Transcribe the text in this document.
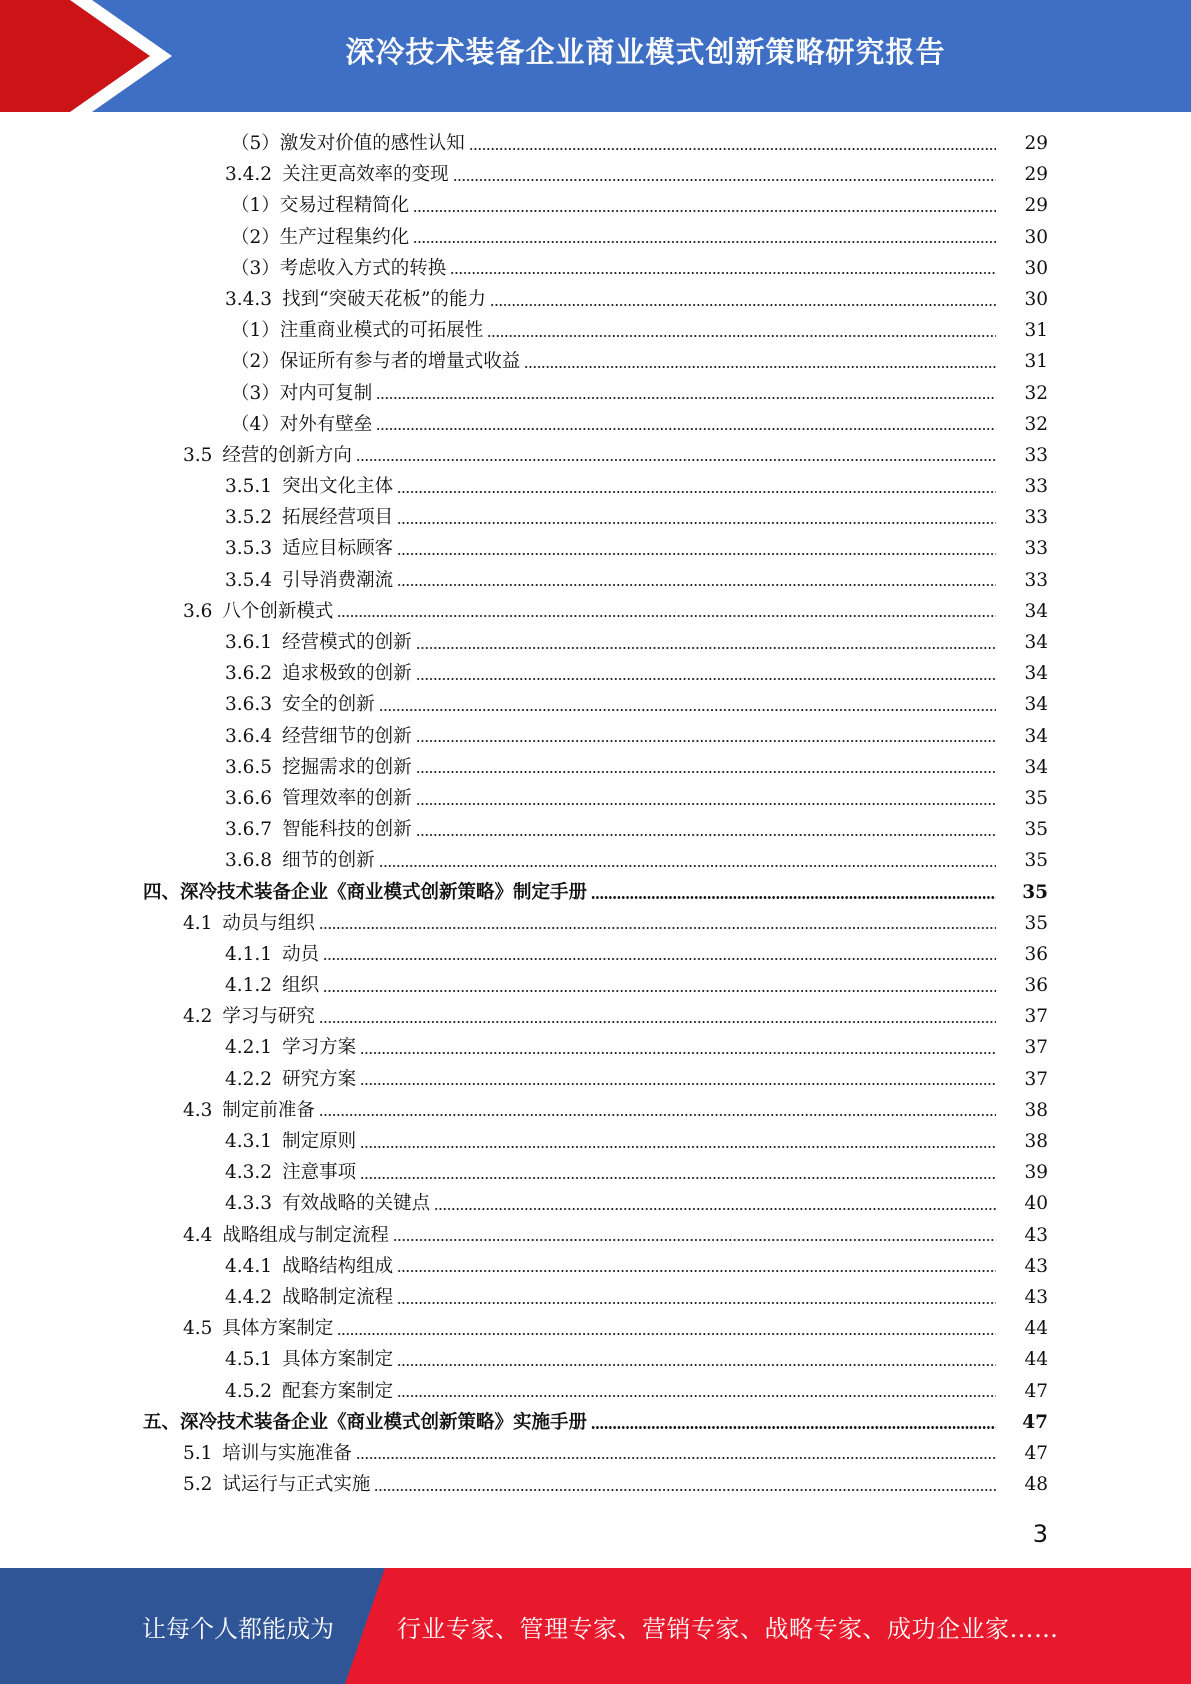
深冷技术装备企业商业模式创新策略研究报告
（5） 激发对价值的感性认知	29
3.4.2 关注更高效率的变现	29
（1） 交易过程精简化	29
（2） 生产过程集约化	30
（3） 考虑收入方式的转换	30
3.4.3 找到“突破天花板”的能力	30
（1） 注重商业模式的可拓展性	31
（2） 保证所有参与者的增量式收益	31
（3） 对内可复制	32
（4） 对外有壁垒	32
3.5 经营的创新方向	33
3.5.1 突出文化主体	33
3.5.2 拓展经营项目	33
3.5.3 适应目标顾客	33
3.5.4 引导消费潮流	33
3.6 八个创新模式	34
3.6.1 经营模式的创新	34
3.6.2 追求极致的创新	34
3.6.3 安全的创新	34
3.6.4 经营细节的创新	34
3.6.5 挖掘需求的创新	34
3.6.6 管理效率的创新	35
3.6.7 智能科技的创新	35
3.6.8 细节的创新	35
四、 深冷技术装备企业《商业模式创新策略》制定手册	35
4.1 动员与组织	35
4.1.1 动员	36
4.1.2 组织	36
4.2 学习与研究	37
4.2.1 学习方案	37
4.2.2 研究方案	37
4.3 制定前准备	38
4.3.1 制定原则	38
4.3.2 注意事项	39
4.3.3 有效战略的关键点	40
4.4 战略组成与制定流程	43
4.4.1 战略结构组成	43
4.4.2 战略制定流程	43
4.5 具体方案制定	44
4.5.1 具体方案制定	44
4.5.2 配套方案制定	47
五、 深冷技术装备企业《商业模式创新策略》实施手册	47
5.1 培训与实施准备	47
5.2 试运行与正式实施	48
3
让每个人都能成为	行业专家、管理专家、营销专家、战略专家、成功企业家……
